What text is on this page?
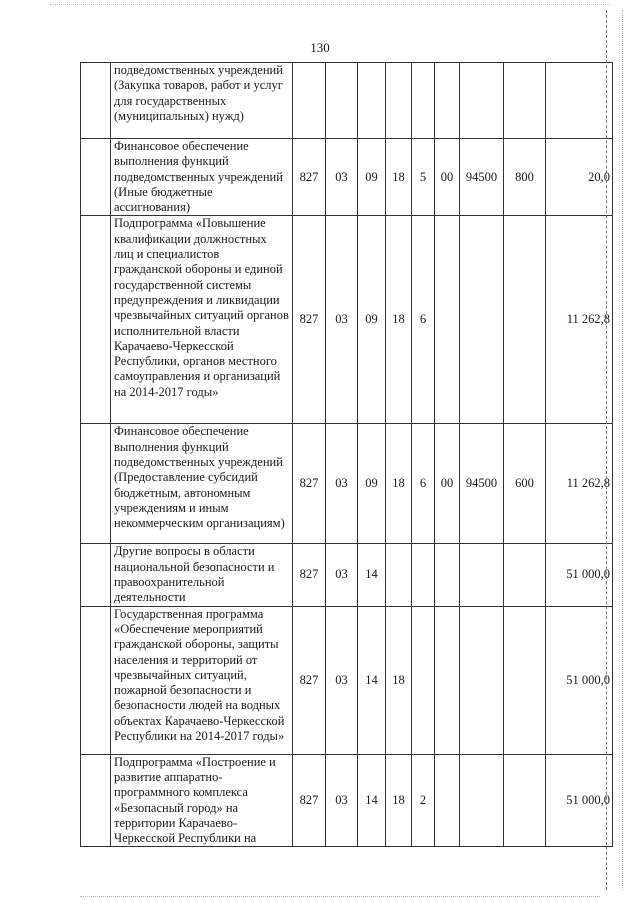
130
	подведомственных учреждений (Закупка товаров, работ и услуг для государственных (муниципальных) нужд)									
	Финансовое обеспечение выполнения функций подведомственных учреждений (Иные бюджетные ассигнования)	827	03	09	18	5	00	94500	800	20,0
	Подпрограмма «Повышение квалификации должностных лиц и специалистов гражданской обороны и единой государственной системы предупреждения и ликвидации чрезвычайных ситуаций органов исполнительной власти Карачаево-Черкесской Республики, органов местного самоуправления и организаций на 2014-2017 годы»	827	03	09	18	6				11 262,8
	Финансовое обеспечение выполнения функций подведомственных учреждений (Предоставление субсидий бюджетным, автономным учреждениям и иным некоммерческим организациям)	827	03	09	18	6	00	94500	600	11 262,8
	Другие вопросы в области национальной безопасности и правоохранительной деятельности	827	03	14						51 000,0
	Государственная программа «Обеспечение мероприятий гражданской обороны, защиты населения и территорий от чрезвычайных ситуаций, пожарной безопасности и безопасности людей на водных объектах Карачаево-Черкесской Республики на 2014-2017 годы»	827	03	14	18					51 000,0
	Подпрограмма «Построение и развитие аппаратно-программного комплекса «Безопасный город» на территории Карачаево-Черкесской Республики на	827	03	14	18	2				51 000,0
